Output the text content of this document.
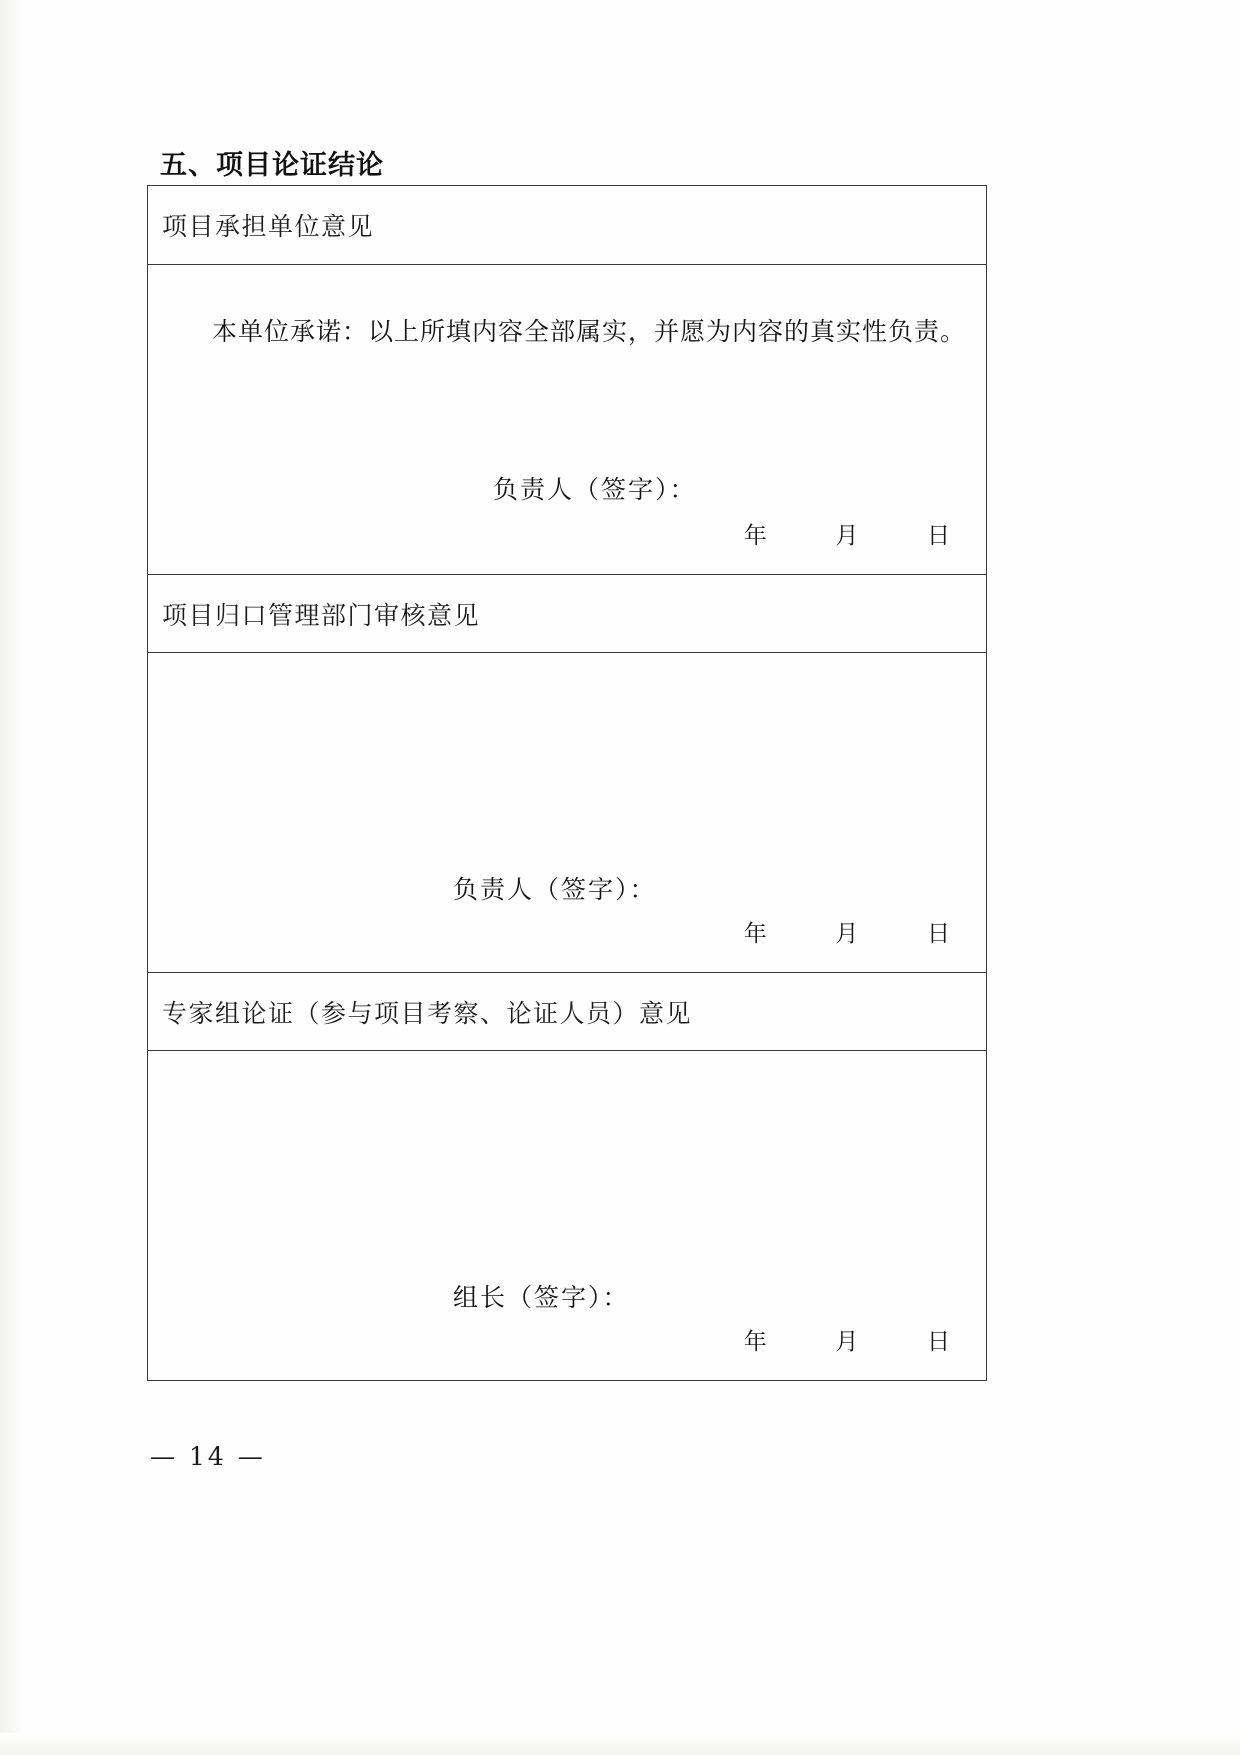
五、项目论证结论
项目承担单位意见
本单位承诺：以上所填内容全部属实，并愿为内容的真实性负责。
负责人（签字）：
年	月	日
项目归口管理部门审核意见
负责人（签字）：
年	月	日
专家组论证（参与项目考察、论证人员）意见
组长（签字）：
年	月	日
— 14 —
